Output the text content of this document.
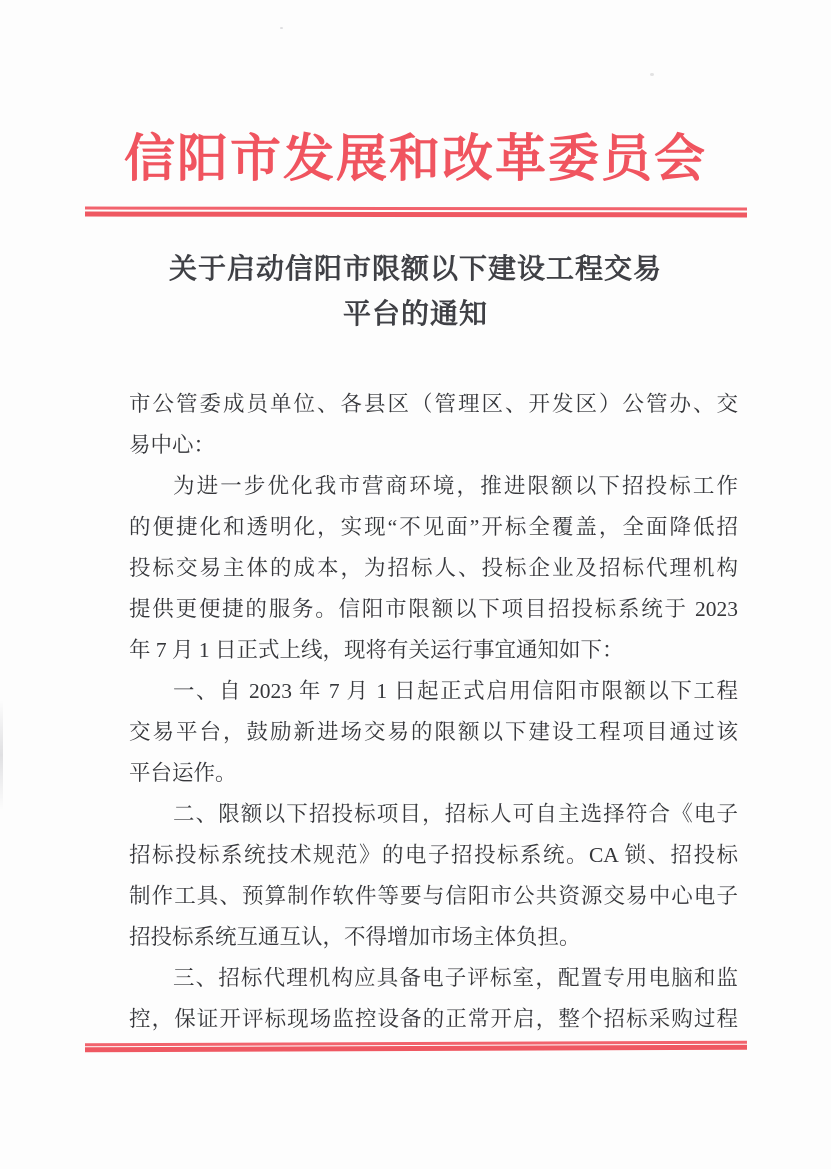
信阳市发展和改革委员会
关于启动信阳市限额以下建设工程交易
平台的通知
市公管委成员单位、各县区（管理区、开发区）公管办、交
易中心：
为进一步优化我市营商环境，推进限额以下招投标工作
的便捷化和透明化，实现“不见面”开标全覆盖，全面降低招
投标交易主体的成本，为招标人、投标企业及招标代理机构
提供更便捷的服务。信阳市限额以下项目招投标系统于 2023
年 7 月 1 日正式上线，现将有关运行事宜通知如下：
一、自 2023 年 7 月 1 日起正式启用信阳市限额以下工程
交易平台，鼓励新进场交易的限额以下建设工程项目通过该
平台运作。
二、限额以下招投标项目，招标人可自主选择符合《电子
招标投标系统技术规范》的电子招投标系统。CA 锁、招投标
制作工具、预算制作软件等要与信阳市公共资源交易中心电子
招投标系统互通互认，不得增加市场主体负担。
三、招标代理机构应具备电子评标室，配置专用电脑和监
控，保证开评标现场监控设备的正常开启，整个招标采购过程
